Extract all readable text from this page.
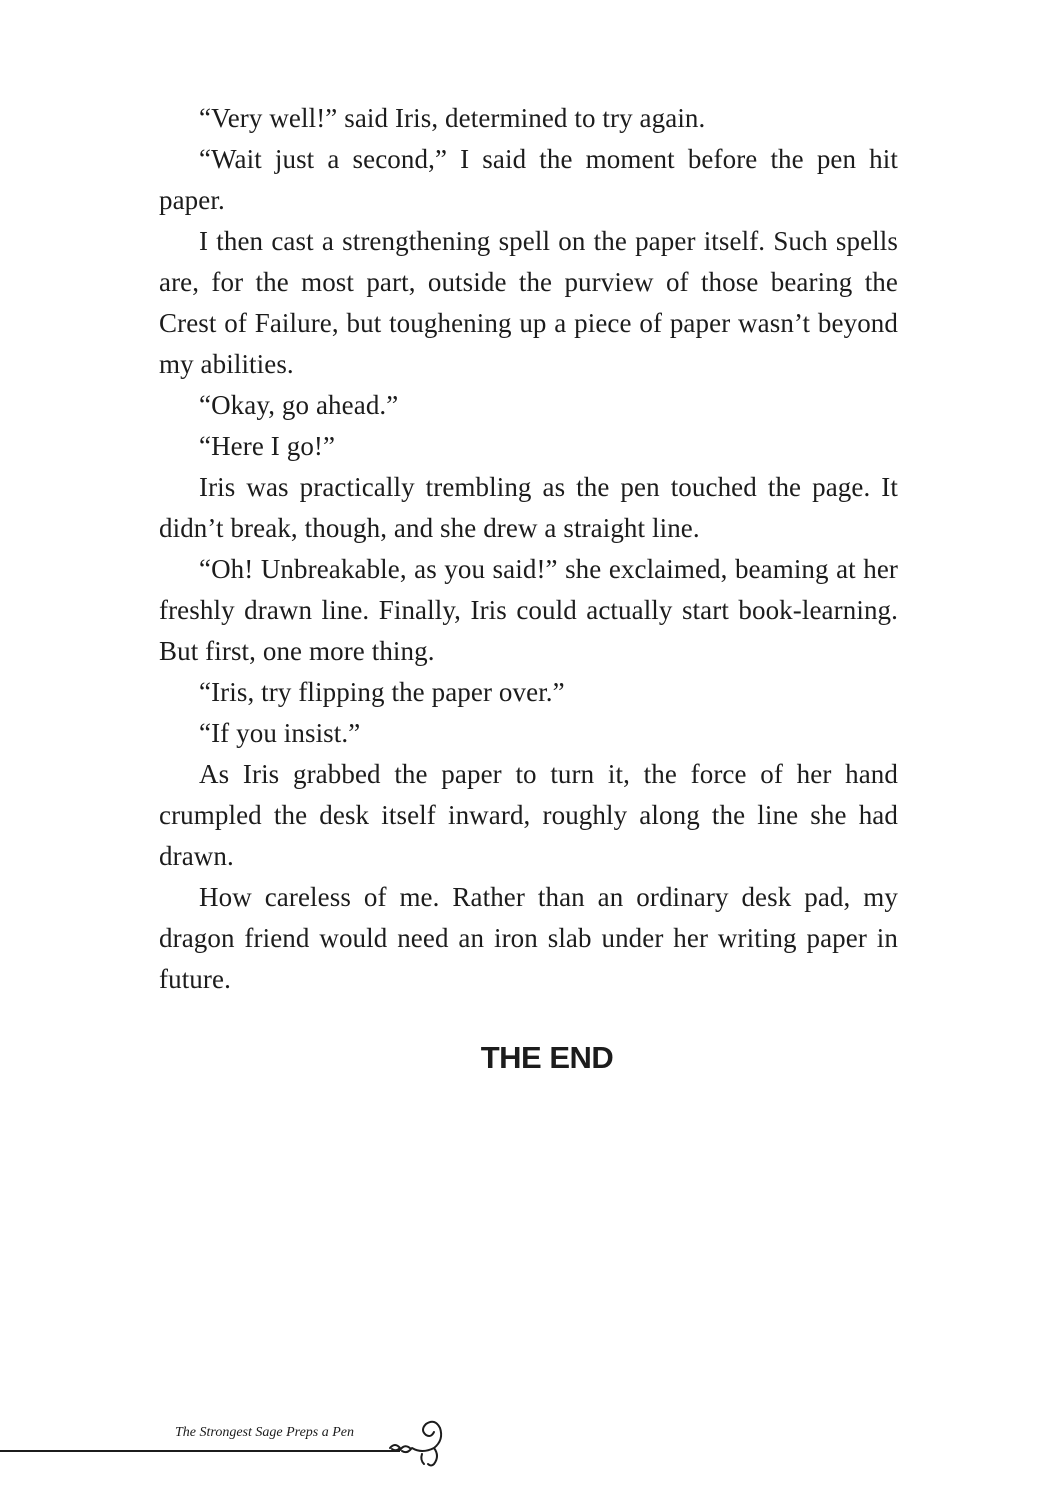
“Very well!” said Iris, determined to try again.

“Wait just a second,” I said the moment before the pen hit paper.

I then cast a strengthening spell on the paper itself. Such spells are, for the most part, outside the purview of those bearing the Crest of Failure, but toughening up a piece of paper wasn’t beyond my abilities.

“Okay, go ahead.”

“Here I go!”

Iris was practically trembling as the pen touched the page. It didn’t break, though, and she drew a straight line.

“Oh! Unbreakable, as you said!” she exclaimed, beaming at her freshly drawn line. Finally, Iris could actually start book-learning. But first, one more thing.

“Iris, try flipping the paper over.”

“If you insist.”

As Iris grabbed the paper to turn it, the force of her hand crumpled the desk itself inward, roughly along the line she had drawn.

How careless of me. Rather than an ordinary desk pad, my dragon friend would need an iron slab under her writing paper in future.

THE END
The Strongest Sage Preps a Pen
